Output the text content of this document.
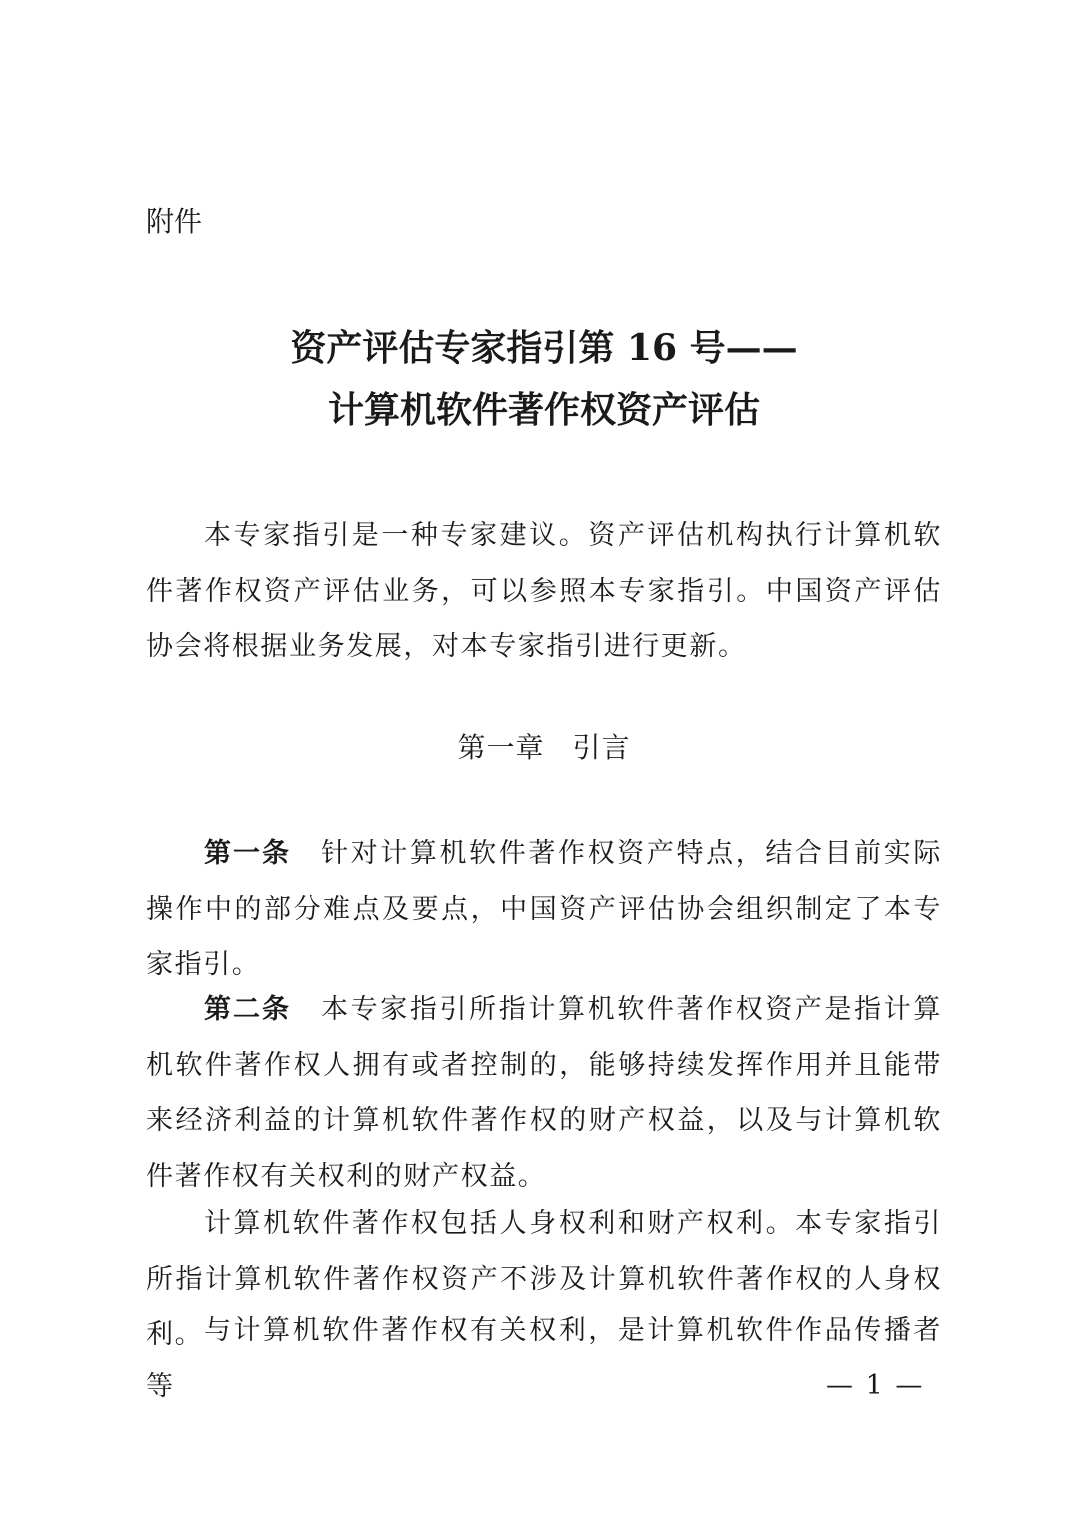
附件
资产评估专家指引第 16 号——
计算机软件著作权资产评估

本专家指引是一种专家建议。资产评估机构执行计算机软件著作权资产评估业务，可以参照本专家指引。中国资产评估协会将根据业务发展，对本专家指引进行更新。

第一章 引言

第一条 针对计算机软件著作权资产特点，结合目前实际操作中的部分难点及要点，中国资产评估协会组织制定了本专家指引。

第二条 本专家指引所指计算机软件著作权资产是指计算机软件著作权人拥有或者控制的，能够持续发挥作用并且能带来经济利益的计算机软件著作权的财产权益，以及与计算机软件著作权有关权利的财产权益。

计算机软件著作权包括人身权利和财产权利。本专家指引所指计算机软件著作权资产不涉及计算机软件著作权的人身权利。 与计算机软件著作权有关权利，是计算机软件作品传播者等	— 1 —
